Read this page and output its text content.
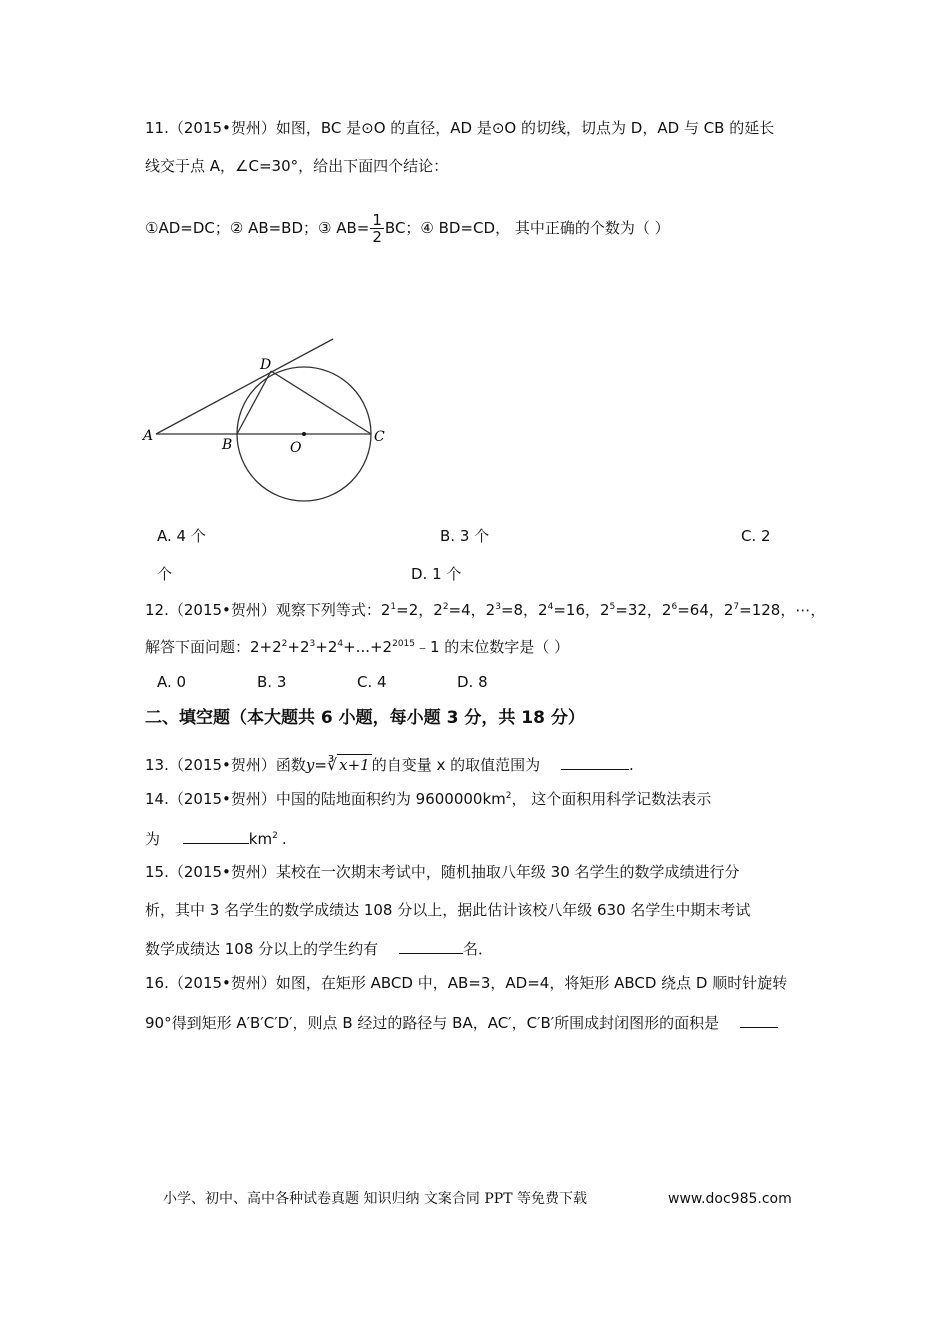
11.（2015•贺州）如图，BC 是⊙O 的直径，AD 是⊙O 的切线，切点为 D，AD 与 CB 的延长
线交于点 A，∠C=30°，给出下面四个结论：
①AD=DC；② AB=BD；③ $AB= \frac{1}{2}$ BC；④ BD=CD， 其中正确的个数为（ ）
A
B	C
D
O
A. 4 个	B. 3 个	C. 2
个	D. 1 个
12.（2015•贺州）观察下列等式：$2^1=2$，$2^2=4$，$2^3=8$，$2^4=16$，$2^5=32$，$2^6=64$，$2^7=128$，⋯，
解答下面问题：$2+2^2+2^3+2^4+...+2^{2015}﹣1$ 的末位数字是（ ）
A. 0	B. 3	C. 4	D. 8
二、填空题（本大题共 6 小题，每小题 3 分，共 18 分）
13.（2015•贺州）函数y=∛ x+1 的自变量 x 的取值范围为	.
14.（2015•贺州）中国的陆地面积约为 $9600000km^2$， 这个面积用科学记数法表示
为	$km^2$ .
15.（2015•贺州）某校在一次期末考试中，随机抽取八年级 30 名学生的数学成绩进行分
析，其中 3 名学生的数学成绩达 108 分以上，据此估计该校八年级 630 名学生中期末考试
数学成绩达 108 分以上的学生约有	名．
16.（2015•贺州）如图，在矩形 ABCD 中，AB=3，AD=4，将矩形 ABCD 绕点 D 顺时针旋转
90°得到矩形 A′B′C′D′，则点 B 经过的路径与 BA，AC′，C′B′所围成封闭图形的面积是
小学、初中、高中各种试卷真题 知识归纳 文案合同 PPT 等免费下载	www.doc985.com
